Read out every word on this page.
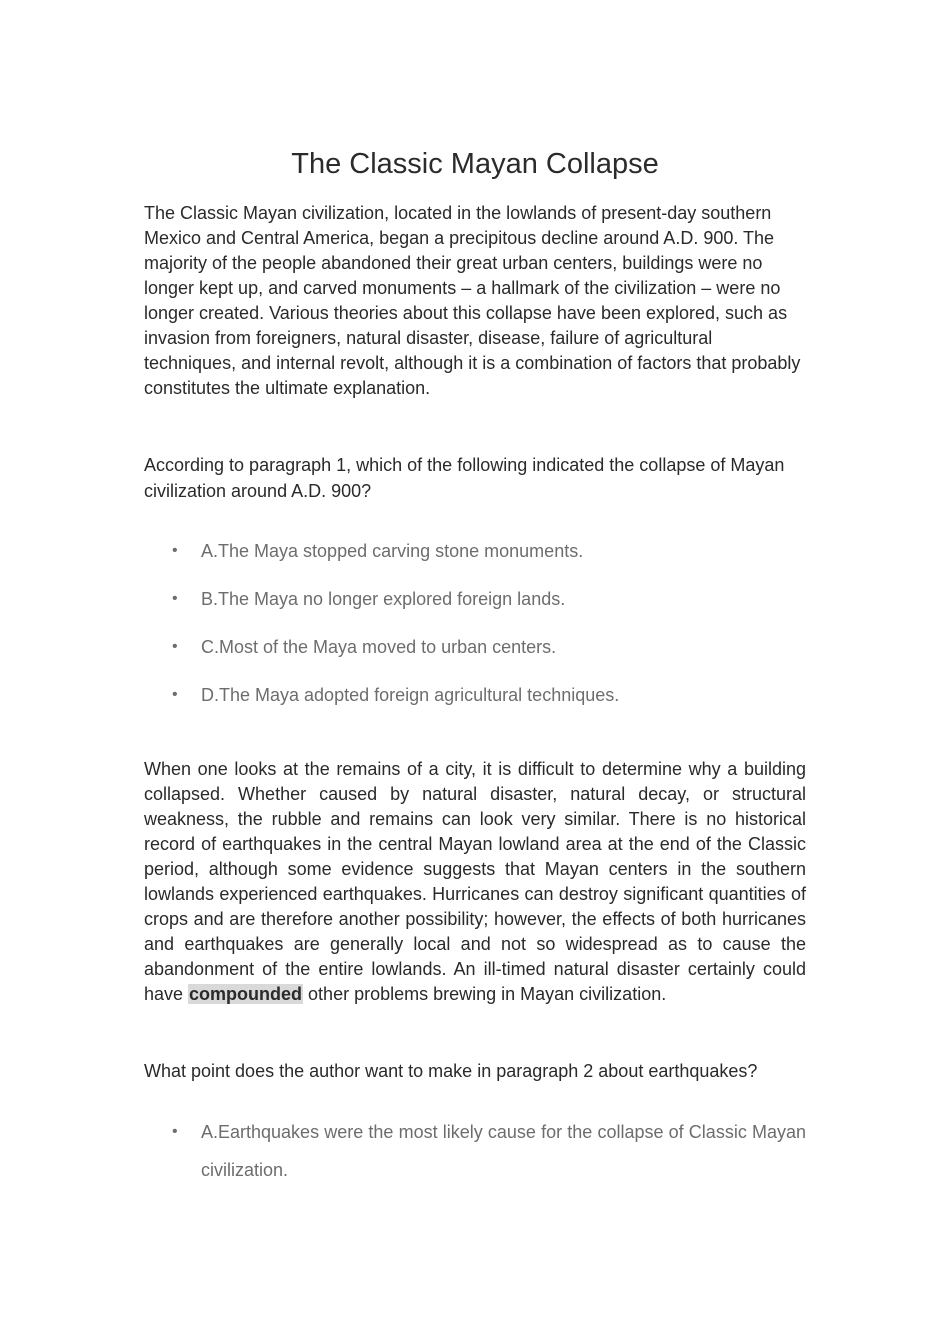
The Classic Mayan Collapse

The Classic Mayan civilization, located in the lowlands of present-day southern Mexico and Central America, began a precipitous decline around A.D. 900. The majority of the people abandoned their great urban centers, buildings were no longer kept up, and carved monuments – a hallmark of the civilization – were no longer created. Various theories about this collapse have been explored, such as invasion from foreigners, natural disaster, disease, failure of agricultural techniques, and internal revolt, although it is a combination of factors that probably constitutes the ultimate explanation.

According to paragraph 1, which of the following indicated the collapse of Mayan civilization around A.D. 900?

• A.The Maya stopped carving stone monuments.
• B.The Maya no longer explored foreign lands.
• C.Most of the Maya moved to urban centers.
• D.The Maya adopted foreign agricultural techniques.

When one looks at the remains of a city, it is difficult to determine why a building collapsed. Whether caused by natural disaster, natural decay, or structural weakness, the rubble and remains can look very similar. There is no historical record of earthquakes in the central Mayan lowland area at the end of the Classic period, although some evidence suggests that Mayan centers in the southern lowlands experienced earthquakes. Hurricanes can destroy significant quantities of crops and are therefore another possibility; however, the effects of both hurricanes and earthquakes are generally local and not so widespread as to cause the abandonment of the entire lowlands. An ill-timed natural disaster certainly could have compounded other problems brewing in Mayan civilization.

What point does the author want to make in paragraph 2 about earthquakes?

• A.Earthquakes were the most likely cause for the collapse of Classic Mayan civilization.
